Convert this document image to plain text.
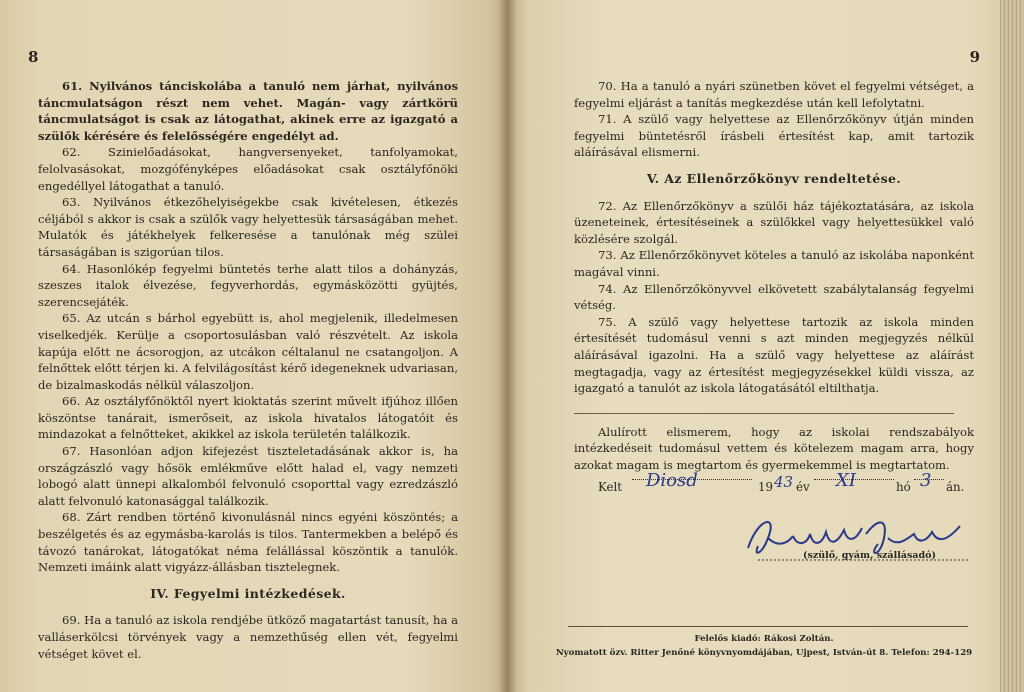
8

61. Nyilvános tánciskolába a tanuló nem járhat, nyilvános táncmulatságon részt nem vehet. Magán- vagy zártkörü táncmulatságot is csak az látogathat, akinek erre az igazgató a szülők kérésére és felelősségére engedélyt ad.

62. Szinielőadásokat, hangversenyeket, tanfolyamokat, felolvasásokat, mozgófényképes előadásokat csak osztályfőnöki engedéllyel látogathat a tanuló.

63. Nyilvános étkezőhelyiségekbe csak kivételesen, étkezés céljából s akkor is csak a szülők vagy helyettesük társaságában mehet. Mulatók és játékhelyek felkeresése a tanulónak még szülei társaságában is szigorúan tilos.

64. Hasonlókép fegyelmi büntetés terhe alatt tilos a dohányzás, szeszes italok élvezése, fegyverhordás, egymásközötti gyüjtés, szerencsejáték.

65. Az utcán s bárhol egyebütt is, ahol megjelenik, illedelmesen viselkedjék. Kerülje a csoportosulásban való részvételt. Az iskola kapúja előtt ne ácsorogjon, az utcákon céltalanul ne csatangoljon. A felnőttek előtt térjen ki. A felvilágosítást kérő idegeneknek udvariasan, de bizalmaskodás nélkül válaszoljon.

66. Az osztályfőnöktől nyert kioktatás szerint művelt ifjúhoz illően köszöntse tanárait, ismerőseit, az iskola hivatalos látogatóit és mindazokat a felnőtteket, akikkel az iskola területén találkozik.

67. Hasonlóan adjon kifejezést tiszteletadásának akkor is, ha országzászló vagy hősök emlékműve előtt halad el, vagy nemzeti lobogó alatt ünnepi alkalomból felvonuló csoporttal vagy ezredzászló alatt felvonuló katonasággal találkozik.

68. Zárt rendben történő kivonulásnál nincs egyéni köszöntés; a beszélgetés és az egymásba-karolás is tilos. Tantermekben a belépő és távozó tanárokat, látogatókat néma felállással köszöntik a tanulók. Nemzeti imáink alatt vigyázz-állásban tisztelegnek.

IV. Fegyelmi intézkedések.

69. Ha a tanuló az iskola rendjébe ütköző magatartást tanusít, ha a valláserkölcsi törvények vagy a nemzethűség ellen vét, fegyelmi vétséget követ el.

9

70. Ha a tanuló a nyári szünetben követ el fegyelmi vétséget, a fegyelmi eljárást a tanítás megkezdése után kell lefolytatni.

71. A szülő vagy helyettese az Ellenőrzőkönyv útján minden fegyelmi büntetésről írásbeli értesítést kap, amit tartozik aláírásával elismerni.

V. Az Ellenőrzőkönyv rendeltetése.

72. Az Ellenőrzőkönyv a szülői ház tájékoztatására, az iskola üzeneteinek, értesítéseinek a szülőkkel vagy helyettesükkel való közlésére szolgál.

73. Az Ellenőrzőkönyvet köteles a tanuló az iskolába naponként magával vinni.

74. Az Ellenőrzőkönyvvel elkövetett szabálytalanság fegyelmi vétség.

75. A szülő vagy helyettese tartozik az iskola minden értesítését tudomásul venni s azt minden megjegyzés nélkül aláírásával igazolni. Ha a szülő vagy helyettese az aláírást megtagadja, vagy az értesítést megjegyzésekkel küldi vissza, az igazgató a tanulót az iskola látogatásától eltilthatja.

Alulírott elismerem, hogy az iskolai rendszabályok intézkedéseit tudomásul vettem és kötelezem magam arra, hogy azokat magam is megtartom és gyermekemmel is megtartatom.

Kelt Diosd	19 43 év XI	hó 3 án.
(szülő, gyám, szállásadó)
Felelős kiadó: Rákosi Zoltán.
Nyomatott özv. Ritter Jenőné könyvnyomdájában, Ujpest, István-út 8. Telefon: 294-129
